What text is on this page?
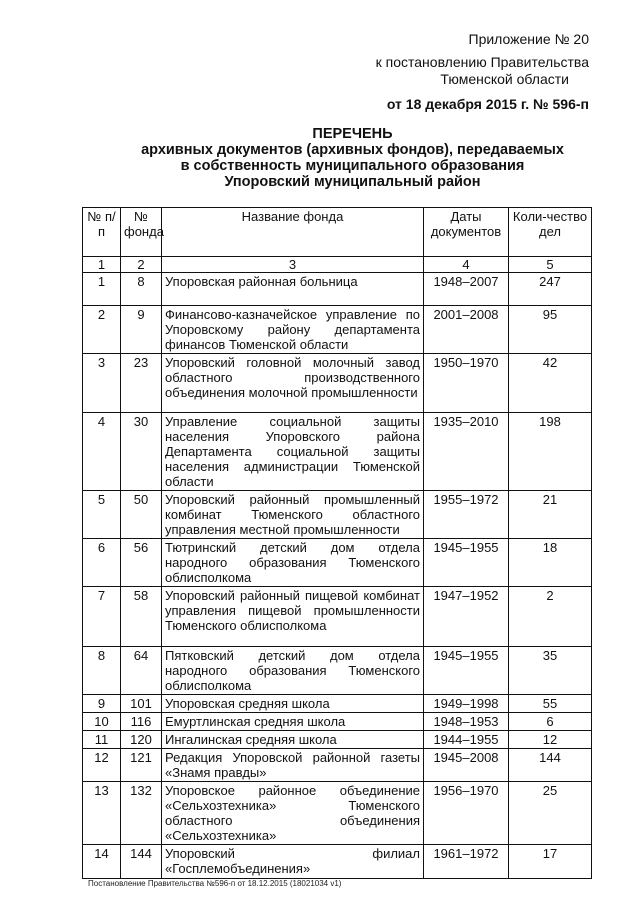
Приложение № 20
к постановлению Правительства
Тюменской области
от 18 декабря 2015 г. № 596-п
ПЕРЕЧЕНЬ
архивных документов (архивных фондов), передаваемых
в собственность муниципального образования
Упоровский муниципальный район
№ п/п	№ фонда	Название фонда	Даты документов	Коли-чество дел
1	2	3	4	5
1	8	Упоровская районная больница	1948–2007	247
2	9	Финансово-казначейское управление по Упоровскому району департамента финансов Тюменской области	2001–2008	95
3	23	Упоровский головной молочный завод областного производственного объединения молочной промышленности	1950–1970	42
4	30	Управление социальной защиты населения Упоровского района Департамента социальной защиты населения администрации Тюменской области	1935–2010	198
5	50	Упоровский районный промышленный комбинат Тюменского областного управления местной промышленности	1955–1972	21
6	56	Тютринский детский дом отдела народного образования Тюменского облисполкома	1945–1955	18
7	58	Упоровский районный пищевой комбинат управления пищевой промышленности Тюменского облисполкома	1947–1952	2
8	64	Пятковский детский дом отдела народного образования Тюменского облисполкома	1945–1955	35
9	101	Упоровская средняя школа	1949–1998	55
10	116	Емуртлинская средняя школа	1948–1953	6
11	120	Ингалинская средняя школа	1944–1955	12
12	121	Редакция Упоровской районной газеты «Знамя правды»	1945–2008	144
13	132	Упоровское районное объединение «Сельхозтехника» Тюменского областного объединения «Сельхозтехника»	1956–1970	25
14	144	Упоровский филиал «Госплемобъединения»	1961–1972	17
Постановление Правительства №596-п от 18.12.2015 (18021034 v1)
